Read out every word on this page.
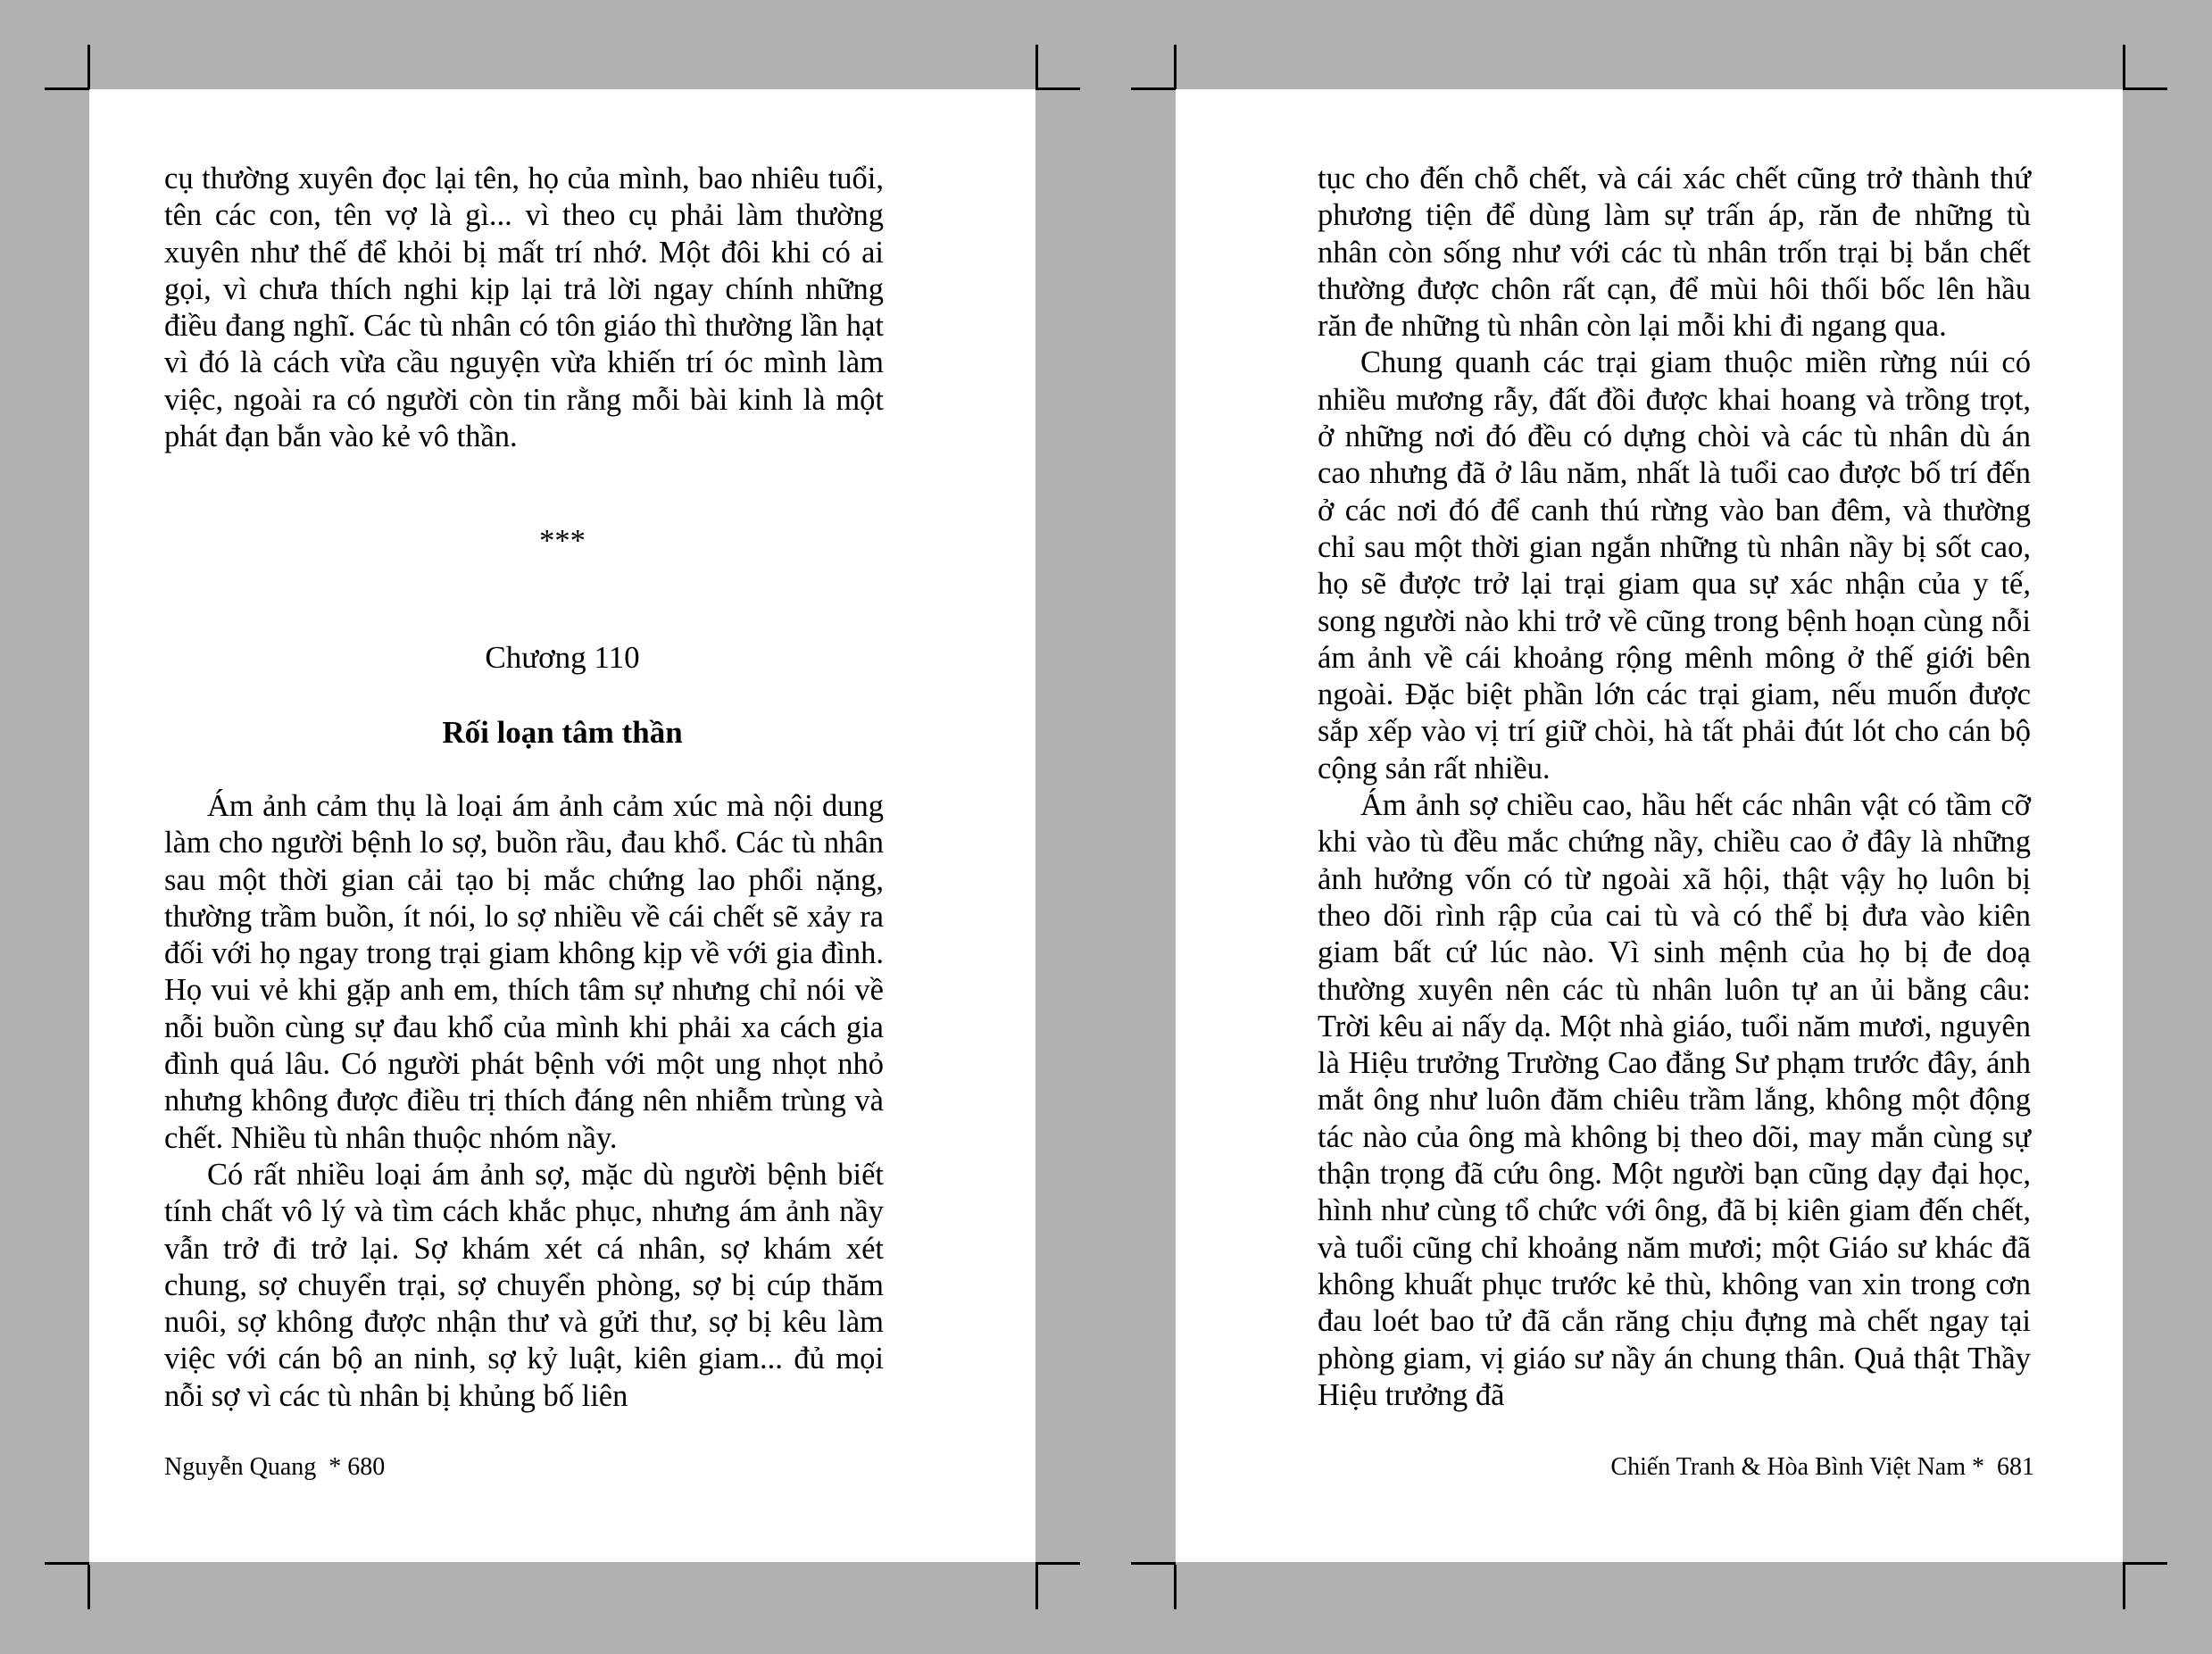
cụ thường xuyên đọc lại tên, họ của mình, bao nhiêu tuổi, tên các con, tên vợ là gì... vì theo cụ phải làm thường xuyên như thế để khỏi bị mất trí nhớ. Một đôi khi có ai gọi, vì chưa thích nghi kịp lại trả lời ngay chính những điều đang nghĩ. Các tù nhân có tôn giáo thì thường lần hạt vì đó là cách vừa cầu nguyện vừa khiến trí óc mình làm việc, ngoài ra có người còn tin rằng mỗi bài kinh là một phát đạn bắn vào kẻ vô thần.

***
Chương 110
Rối loạn tâm thần

Ám ảnh cảm thụ là loại ám ảnh cảm xúc mà nội dung làm cho người bệnh lo sợ, buồn rầu, đau khổ. Các tù nhân sau một thời gian cải tạo bị mắc chứng lao phổi nặng, thường trầm buồn, ít nói, lo sợ nhiều về cái chết sẽ xảy ra đối với họ ngay trong trại giam không kịp về với gia đình. Họ vui vẻ khi gặp anh em, thích tâm sự nhưng chỉ nói về nỗi buồn cùng sự đau khổ của mình khi phải xa cách gia đình quá lâu. Có người phát bệnh với một ung nhọt nhỏ nhưng không được điều trị thích đáng nên nhiễm trùng và chết. Nhiều tù nhân thuộc nhóm nầy.

Có rất nhiều loại ám ảnh sợ, mặc dù người bệnh biết tính chất vô lý và tìm cách khắc phục, nhưng ám ảnh nầy vẫn trở đi trở lại. Sợ khám xét cá nhân, sợ khám xét chung, sợ chuyển trại, sợ chuyển phòng, sợ bị cúp thăm nuôi, sợ không được nhận thư và gửi thư, sợ bị kêu làm việc với cán bộ an ninh, sợ kỷ luật, kiên giam... đủ mọi nỗi sợ vì các tù nhân bị khủng bố liên

Nguyễn Quang  * 680

tục cho đến chỗ chết, và cái xác chết cũng trở thành thứ phương tiện để dùng làm sự trấn áp, răn đe những tù nhân còn sống như với các tù nhân trốn trại bị bắn chết thường được chôn rất cạn, để mùi hôi thối bốc lên hầu răn đe những tù nhân còn lại mỗi khi đi ngang qua.

Chung quanh các trại giam thuộc miền rừng núi có nhiều mương rẫy, đất đồi được khai hoang và trồng trọt, ở những nơi đó đều có dựng chòi và các tù nhân dù án cao nhưng đã ở lâu năm, nhất là tuổi cao được bố trí đến ở các nơi đó để canh thú rừng vào ban đêm, và thường chỉ sau một thời gian ngắn những tù nhân nầy bị sốt cao, họ sẽ được trở lại trại giam qua sự xác nhận của y tế, song người nào khi trở về cũng trong bệnh hoạn cùng nỗi ám ảnh về cái khoảng rộng mênh mông ở thế giới bên ngoài. Đặc biệt phần lớn các trại giam, nếu muốn được sắp xếp vào vị trí giữ chòi, hà tất phải đút lót cho cán bộ cộng sản rất nhiều.

Ám ảnh sợ chiều cao, hầu hết các nhân vật có tầm cỡ khi vào tù đều mắc chứng nầy, chiều cao ở đây là những ảnh hưởng vốn có từ ngoài xã hội, thật vậy họ luôn bị theo dõi rình rập của cai tù và có thể bị đưa vào kiên giam bất cứ lúc nào. Vì sinh mệnh của họ bị đe doạ thường xuyên nên các tù nhân luôn tự an ủi bằng câu: Trời kêu ai nấy dạ. Một nhà giáo, tuổi năm mươi, nguyên là Hiệu trưởng Trường Cao đẳng Sư phạm trước đây, ánh mắt ông như luôn đăm chiêu trầm lắng, không một động tác nào của ông mà không bị theo dõi, may mắn cùng sự thận trọng đã cứu ông. Một người bạn cũng dạy đại học, hình như cùng tổ chức với ông, đã bị kiên giam đến chết, và tuổi cũng chỉ khoảng năm mươi; một Giáo sư khác đã không khuất phục trước kẻ thù, không van xin trong cơn đau loét bao tử đã cắn răng chịu đựng mà chết ngay tại phòng giam, vị giáo sư nầy án chung thân. Quả thật Thầy Hiệu trưởng đã

Chiến Tranh & Hòa Bình Việt Nam *  681
